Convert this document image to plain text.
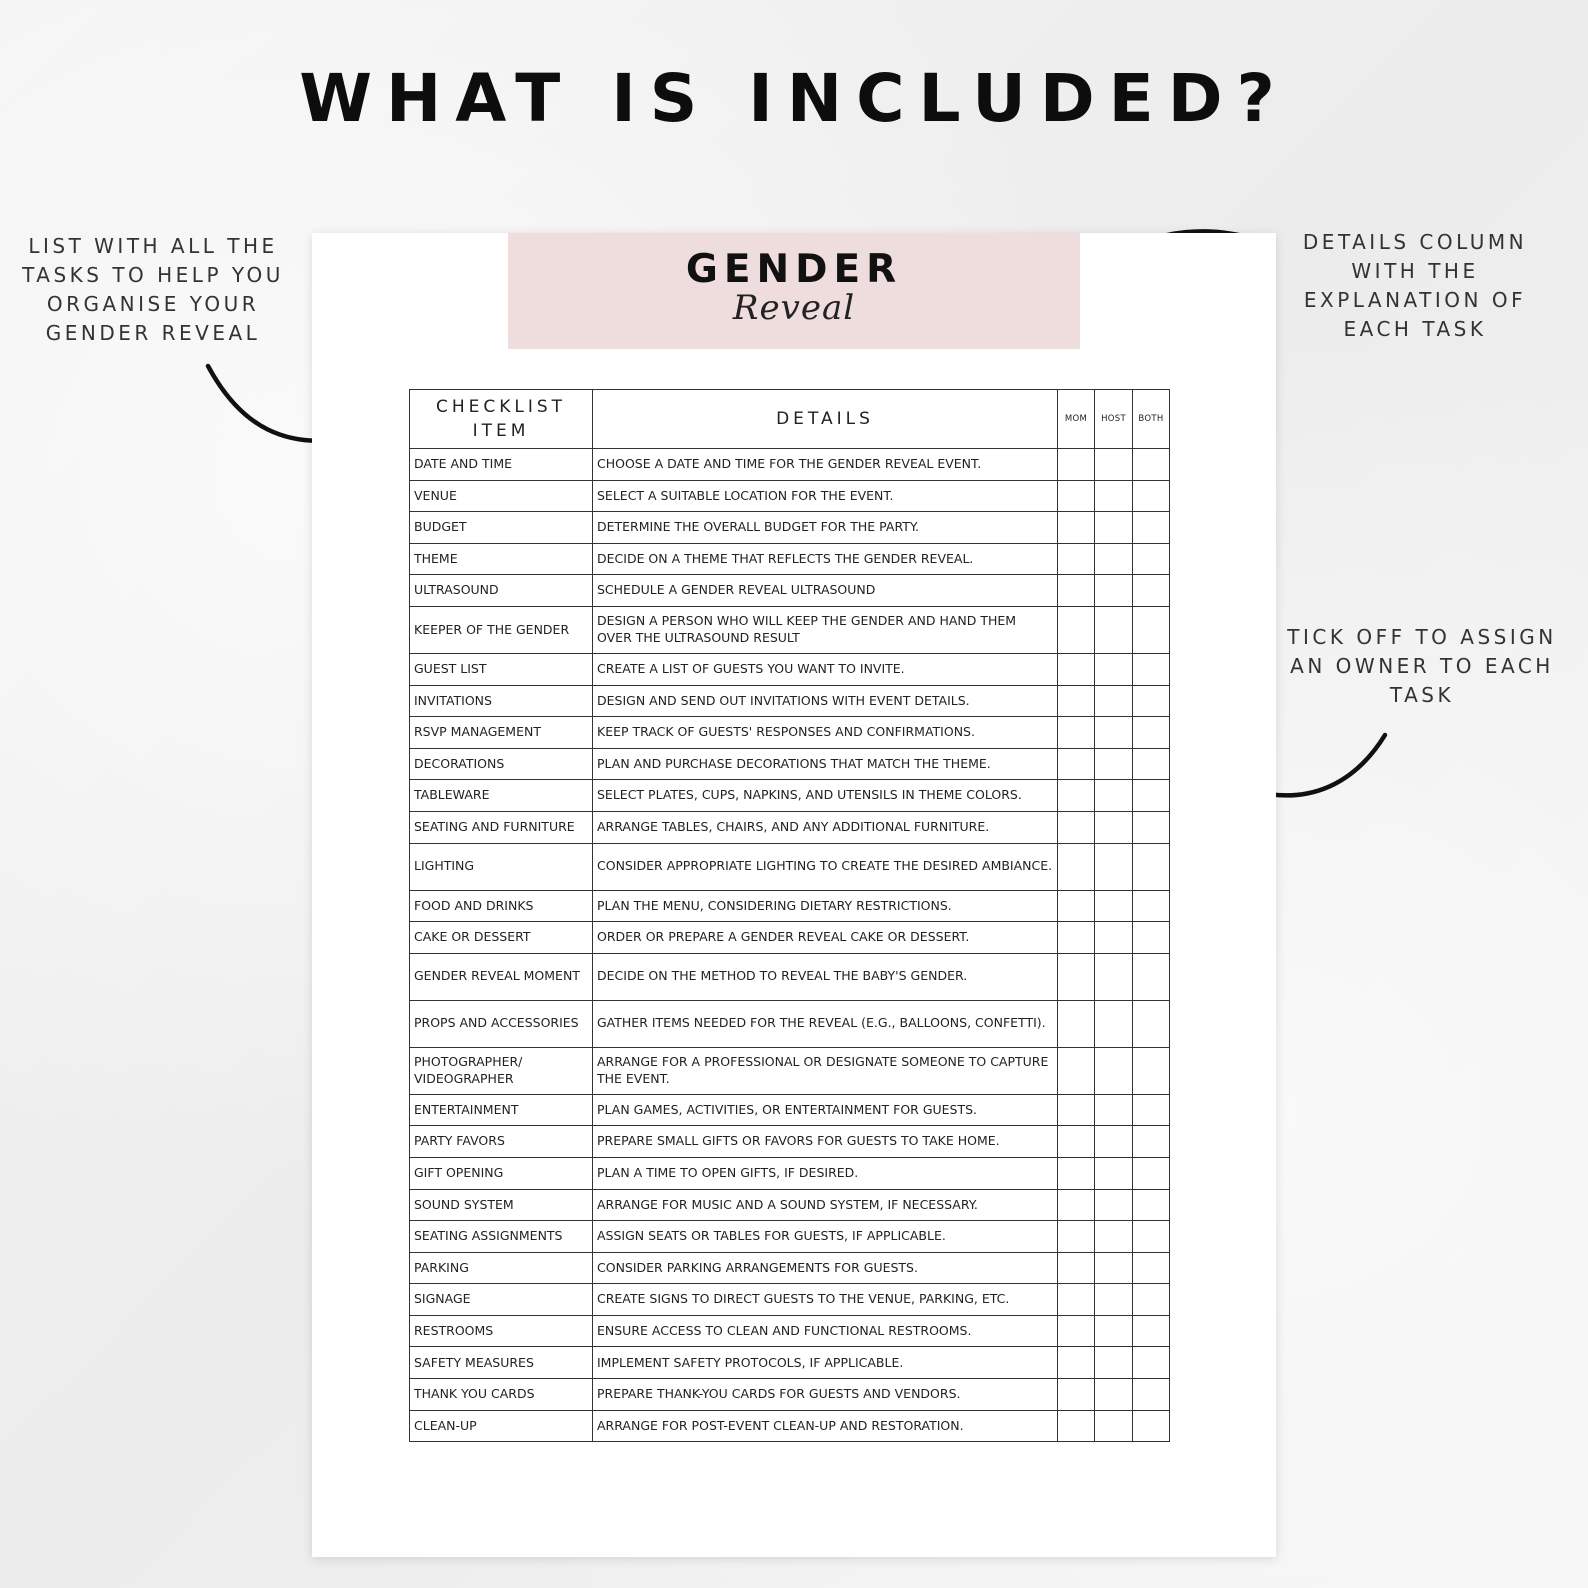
WHAT IS INCLUDED?
LIST WITH ALL THE TASKS TO HELP YOU ORGANISE YOUR GENDER REVEAL
DETAILS COLUMN WITH THE EXPLANATION OF EACH TASK
TICK OFF TO ASSIGN AN OWNER TO EACH TASK
GENDER
Reveal
CHECKLIST ITEM	DETAILS	MOM	HOST	BOTH
DATE AND TIME	CHOOSE A DATE AND TIME FOR THE GENDER REVEAL EVENT.			
VENUE	SELECT A SUITABLE LOCATION FOR THE EVENT.			
BUDGET	DETERMINE THE OVERALL BUDGET FOR THE PARTY.			
THEME	DECIDE ON A THEME THAT REFLECTS THE GENDER REVEAL.			
ULTRASOUND	SCHEDULE A GENDER REVEAL ULTRASOUND			
KEEPER OF THE GENDER	DESIGN A PERSON WHO WILL KEEP THE GENDER AND HAND THEM OVER THE ULTRASOUND RESULT			
GUEST LIST	CREATE A LIST OF GUESTS YOU WANT TO INVITE.			
INVITATIONS	DESIGN AND SEND OUT INVITATIONS WITH EVENT DETAILS.			
RSVP MANAGEMENT	KEEP TRACK OF GUESTS' RESPONSES AND CONFIRMATIONS.			
DECORATIONS	PLAN AND PURCHASE DECORATIONS THAT MATCH THE THEME.			
TABLEWARE	SELECT PLATES, CUPS, NAPKINS, AND UTENSILS IN THEME COLORS.			
SEATING AND FURNITURE	ARRANGE TABLES, CHAIRS, AND ANY ADDITIONAL FURNITURE.			
LIGHTING	CONSIDER APPROPRIATE LIGHTING TO CREATE THE DESIRED AMBIANCE.			
FOOD AND DRINKS	PLAN THE MENU, CONSIDERING DIETARY RESTRICTIONS.			
CAKE OR DESSERT	ORDER OR PREPARE A GENDER REVEAL CAKE OR DESSERT.			
GENDER REVEAL MOMENT	DECIDE ON THE METHOD TO REVEAL THE BABY'S GENDER.			
PROPS AND ACCESSORIES	GATHER ITEMS NEEDED FOR THE REVEAL (E.G., BALLOONS, CONFETTI).			
PHOTOGRAPHER/ VIDEOGRAPHER	ARRANGE FOR A PROFESSIONAL OR DESIGNATE SOMEONE TO CAPTURE THE EVENT.			
ENTERTAINMENT	PLAN GAMES, ACTIVITIES, OR ENTERTAINMENT FOR GUESTS.			
PARTY FAVORS	PREPARE SMALL GIFTS OR FAVORS FOR GUESTS TO TAKE HOME.			
GIFT OPENING	PLAN A TIME TO OPEN GIFTS, IF DESIRED.			
SOUND SYSTEM	ARRANGE FOR MUSIC AND A SOUND SYSTEM, IF NECESSARY.			
SEATING ASSIGNMENTS	ASSIGN SEATS OR TABLES FOR GUESTS, IF APPLICABLE.			
PARKING	CONSIDER PARKING ARRANGEMENTS FOR GUESTS.			
SIGNAGE	CREATE SIGNS TO DIRECT GUESTS TO THE VENUE, PARKING, ETC.			
RESTROOMS	ENSURE ACCESS TO CLEAN AND FUNCTIONAL RESTROOMS.			
SAFETY MEASURES	IMPLEMENT SAFETY PROTOCOLS, IF APPLICABLE.			
THANK YOU CARDS	PREPARE THANK-YOU CARDS FOR GUESTS AND VENDORS.			
CLEAN-UP	ARRANGE FOR POST-EVENT CLEAN-UP AND RESTORATION.			
